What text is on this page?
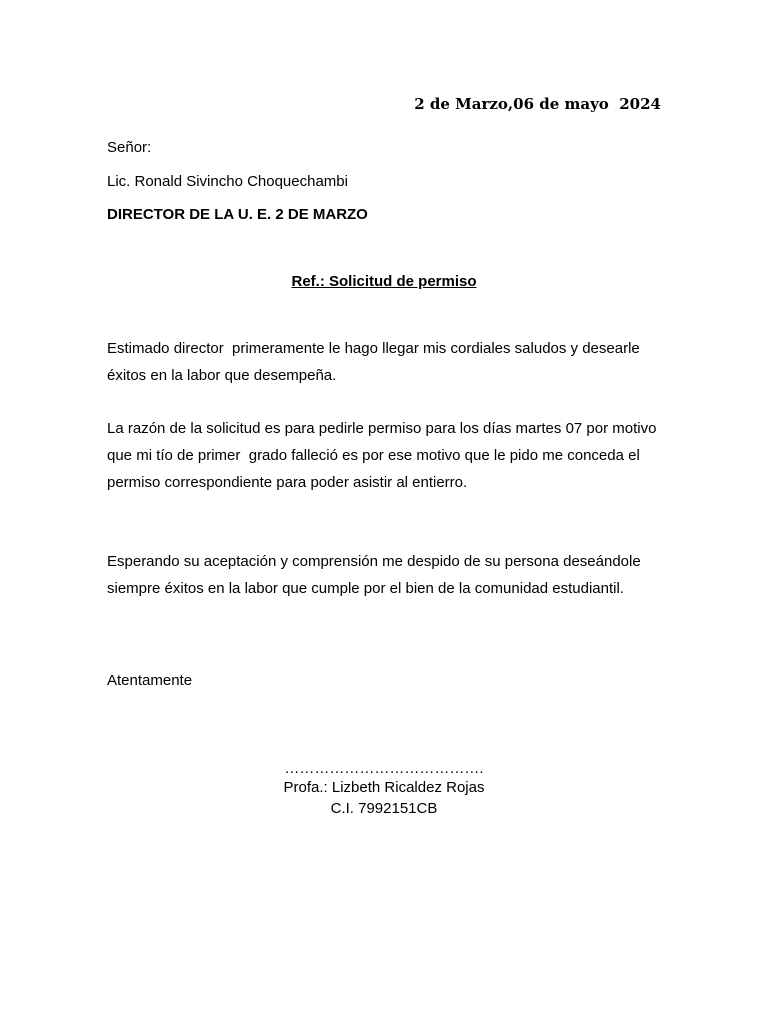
2 de Marzo,06 de mayo  2024
Señor:
Lic. Ronald Sivincho Choquechambi
DIRECTOR DE LA U. E. 2 DE MARZO
Ref.: Solicitud de permiso
Estimado director  primeramente le hago llegar mis cordiales saludos y desearle
éxitos en la labor que desempeña.
La razón de la solicitud es para pedirle permiso para los días martes 07 por motivo
que mi tío de primer  grado falleció es por ese motivo que le pido me conceda el
permiso correspondiente para poder asistir al entierro.
Esperando su aceptación y comprensión me despido de su persona deseándole
siempre éxitos en la labor que cumple por el bien de la comunidad estudiantil.
Atentamente
………………………………….
Profa.: Lizbeth Ricaldez Rojas
C.I. 7992151CB
